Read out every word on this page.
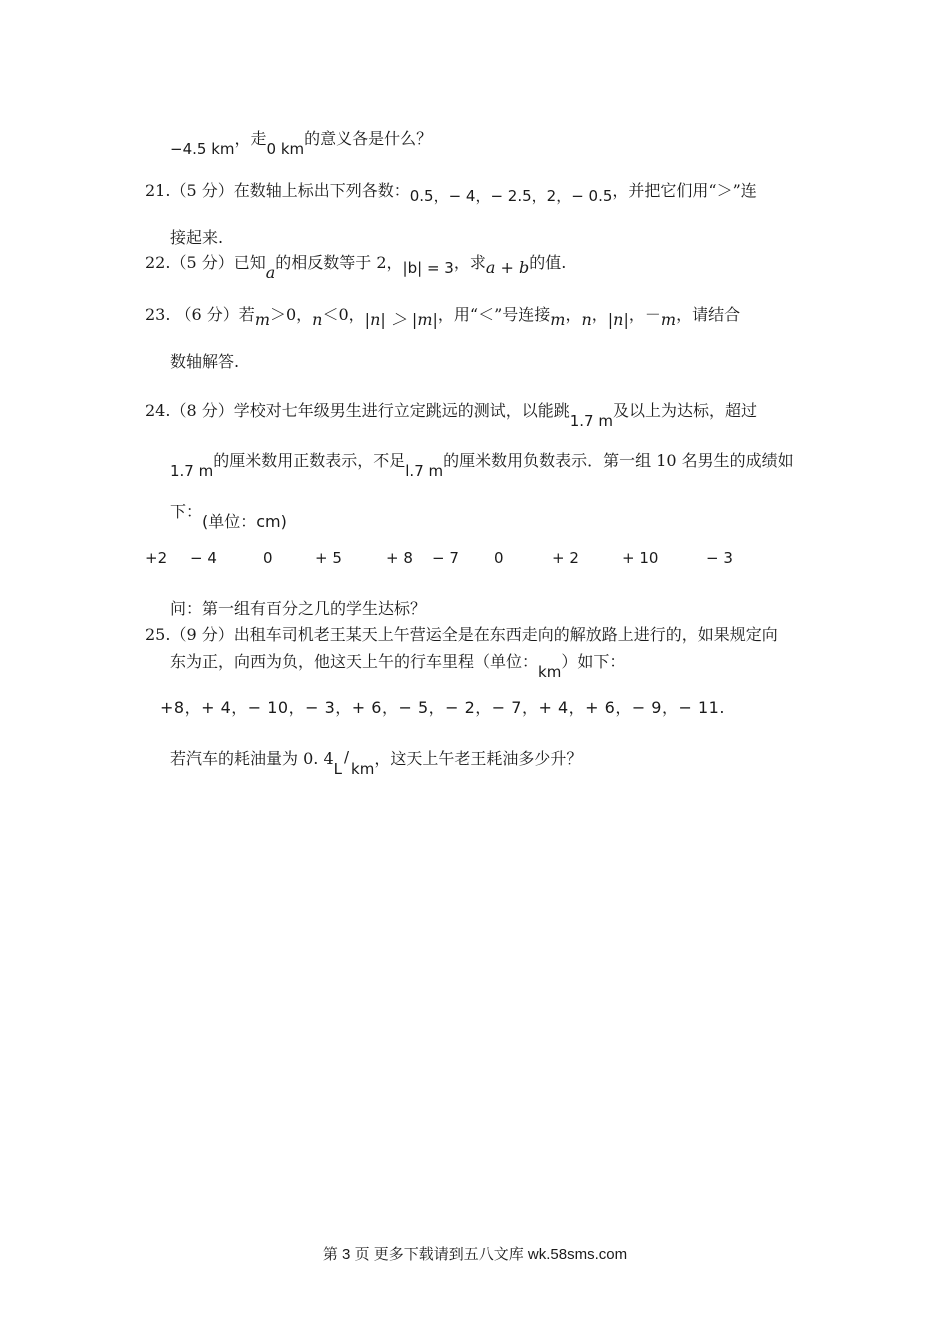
−4.5 km，走0 km的意义各是什么？
21.（5 分）在数轴上标出下列各数：0.5，− 4，− 2.5，2，− 0.5，并把它们用“＞”连
接起来.
22.（5 分）已知a的相反数等于 2，|b| = 3，求a + b的值.
23. （6 分）若m＞0，n＜0，|n| ＞ |m|，用“＜”号连接m，n，|n|，－m，请结合
数轴解答.
24.（8 分）学校对七年级男生进行立定跳远的测试，以能跳1.7 m及以上为达标，超过
1.7 m的厘米数用正数表示，不足l.7 m的厘米数用负数表示．第一组 10 名男生的成绩如
下：(单位：cm)
+2 − 4	0	+ 5	+ 8 − 7 0	+ 2	+ 10	− 3
问：第一组有百分之几的学生达标？
25.（9 分）出租车司机老王某天上午营运全是在东西走向的解放路上进行的，如果规定向
东为正，向西为负，他这天上午的行车里程（单位：km）如下：
+8，+ 4，− 10，− 3，+ 6，− 5，− 2，− 7，+ 4，+ 6，− 9，− 11.
若汽车的耗油量为 0. 4L/km，这天上午老王耗油多少升？
第 3 页 更多下载请到五八文库 wk.58sms.com
